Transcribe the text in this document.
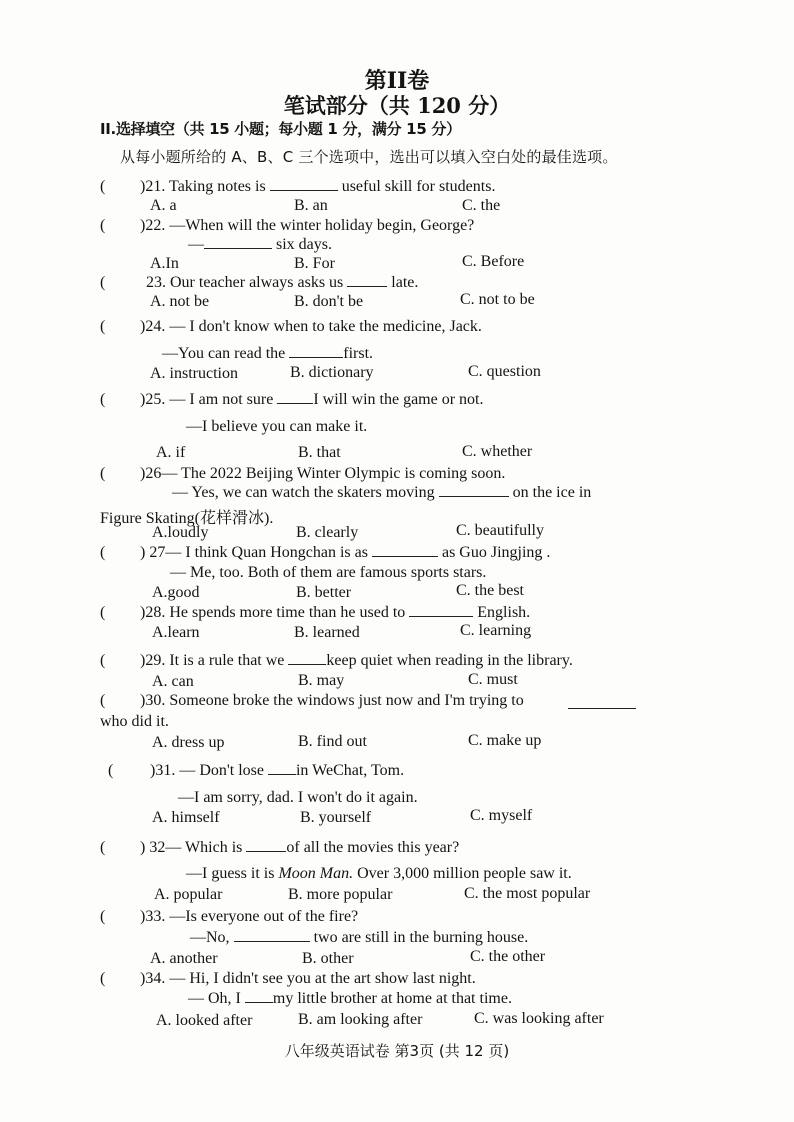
第II卷
笔试部分（共 120 分）
II.选择填空（共 15 小题；每小题 1 分，满分 15 分）
从每小题所给的 A、B、C 三个选项中，选出可以填入空白处的最佳选项。
( )21. Taking notes is	useful skill for students.
A. a	B. an	C. the
( )22. —When will the winter holiday begin, George?
—	six days.
A.In	B. For	C. Before
(	23. Our teacher always asks us	late.
A. not be	B. don't be	C. not to be
( )24. — I don't know when to take the medicine, Jack.
—You can read the	first.
A. instruction	B. dictionary	C. question
( )25. — I am not sure	I will win the game or not.
—I believe you can make it.
A. if	B. that	C. whether
( )26— The 2022 Beijing Winter Olympic is coming soon.
— Yes, we can watch the skaters moving	on the ice in
Figure Skating(花样滑冰).
A.loudly	B. clearly	C. beautifully
( ) 27— I think Quan Hongchan is as	as Guo Jingjing .
— Me, too. Both of them are famous sports stars.
A.good	B. better	C. the best
( )28. He spends more time than he used to	English.
A.learn	B. learned	C. learning
( )29. It is a rule that we	keep quiet when reading in the library.
A. can	B. may	C. must
( )30. Someone broke the windows just now and I'm trying to
who did it.
A. dress up	B. find out	C. make up
( )31. — Don't lose in WeChat, Tom.
—I am sorry, dad. I won't do it again.
A. himself	B. yourself	C. myself
( ) 32— Which is	of all the movies this year?
—I guess it is Moon Man. Over 3,000 million people saw it.
A. popular	B. more popular	C. the most popular
( )33. —Is everyone out of the fire?
—No,	two are still in the burning house.
A. another	B. other	C. the other
( )34. — Hi, I didn't see you at the art show last night.
— Oh, I my little brother at home at that time.
A. looked after	B. am looking after	C. was looking after
八年级英语试卷 第3页 (共 12 页)
